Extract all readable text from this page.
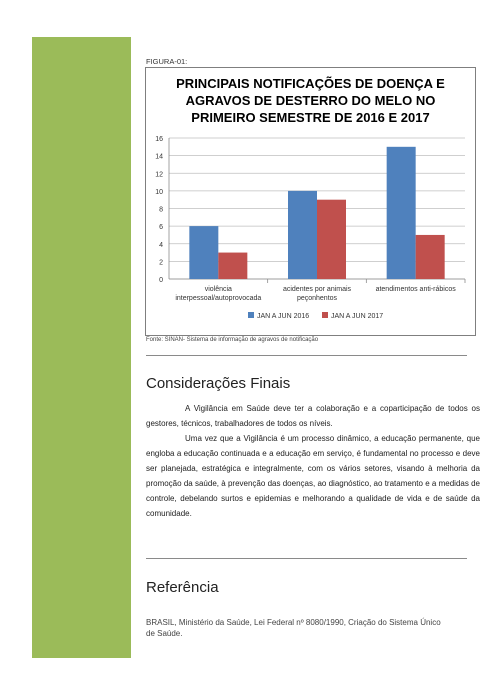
FIGURA-01:
PRINCIPAIS NOTIFICAÇÕES DE DOENÇA E
AGRAVOS DE DESTERRO DO MELO NO
PRIMEIRO SEMESTRE DE 2016 E 2017
0
2
4
6
8
10
12
14
16
violência
interpessoal/autoprovocada
acidentes por animais
peçonhentos
atendimentos anti-rábicos
JAN A JUN 2016	JAN A JUN 2017
Fonte: SINAN- Sistema de informação de agravos de notificação
Considerações Finais

A Vigilância em Saúde deve ter a colaboração e a coparticipação de todos os gestores, técnicos, trabalhadores de todos os níveis.

Uma vez que a Vigilância é um processo dinâmico, a educação permanente, que engloba a educação continuada e a educação em serviço, é fundamental no processo e deve ser planejada, estratégica e integralmente, com os vários setores, visando à melhoria da promoção da saúde, à prevenção das doenças, ao diagnóstico, ao tratamento e a medidas de controle, debelando surtos e epidemias e melhorando a qualidade de vida e de saúde da comunidade.

Referência
BRASIL, Ministério da Saúde, Lei Federal nº 8080/1990, Criação do Sistema Único de Saúde.
